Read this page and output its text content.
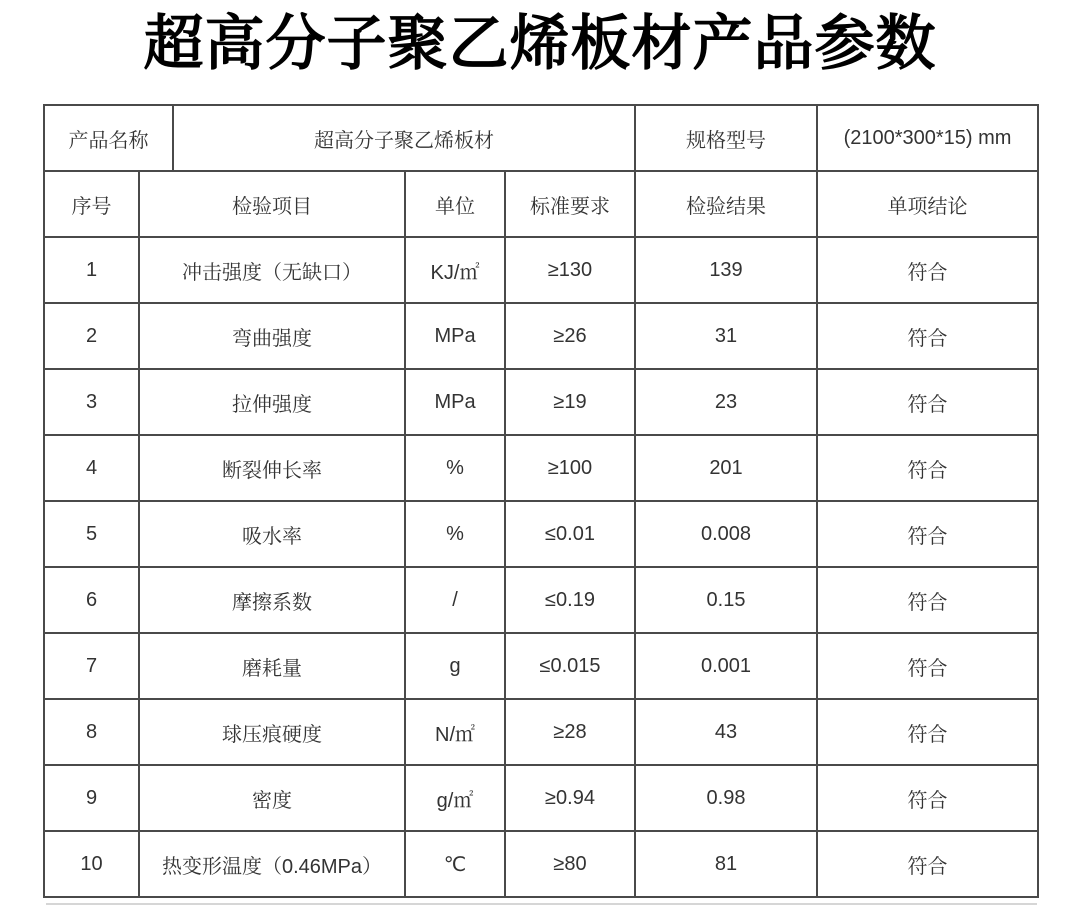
超高分子聚乙烯板材产品参数
产品名称	超高分子聚乙烯板材	规格型号	(2100*300*15) mm
序号	检验项目	单位	标准要求	检验结果	单项结论
1	冲击强度（无缺口）	KJ/㎡	≥130	139	符合
2	弯曲强度	MPa	≥26	31	符合
3	拉伸强度	MPa	≥19	23	符合
4	断裂伸长率	%	≥100	201	符合
5	吸水率	%	≤0.01	0.008	符合
6	摩擦系数	/	≤0.19	0.15	符合
7	磨耗量	g	≤0.015	0.001	符合
8	球压痕硬度	N/㎡	≥28	43	符合
9	密度	g/㎡	≥0.94	0.98	符合
10	热变形温度（0.46MPa）	℃	≥80	81	符合
